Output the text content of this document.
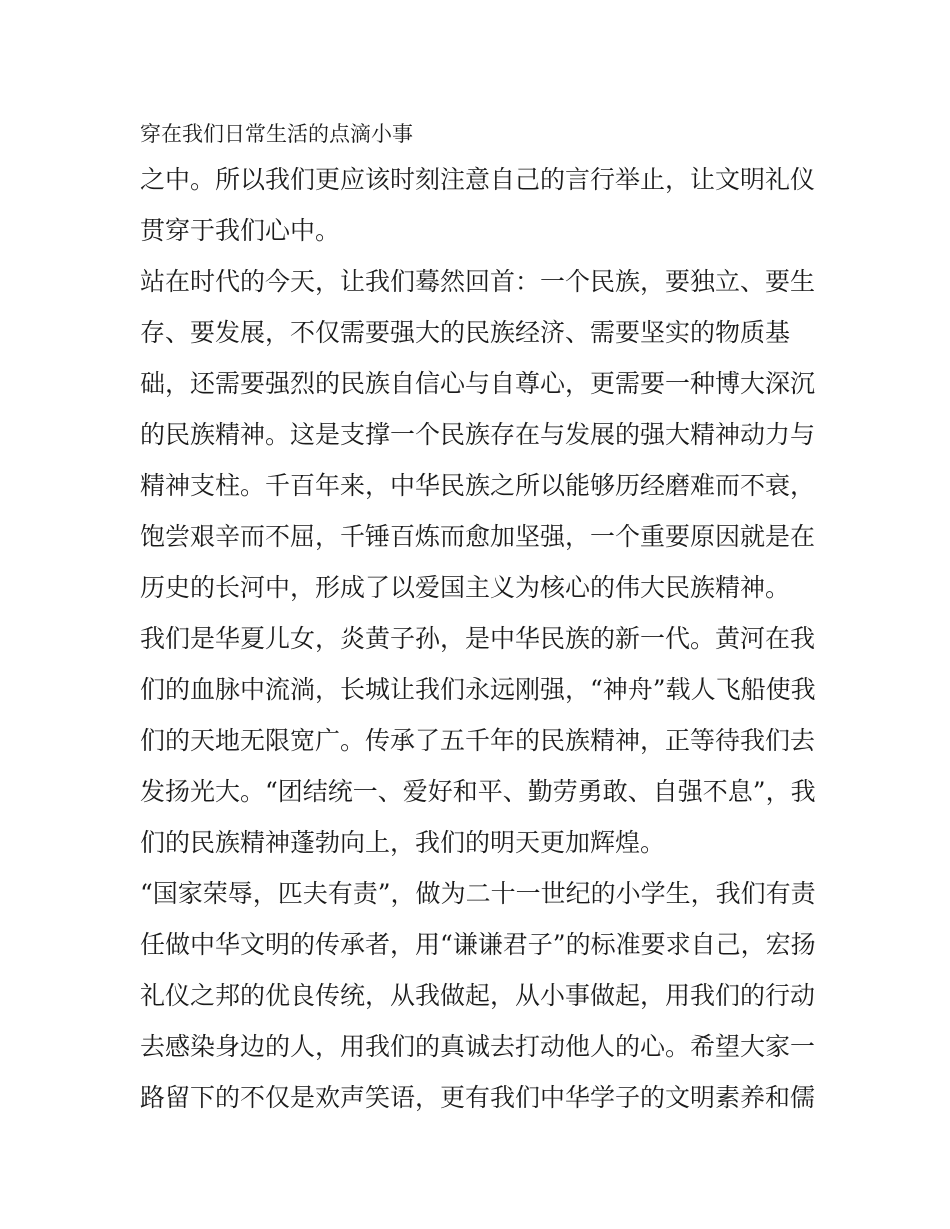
穿在我们日常生活的点滴小事
之中。所以我们更应该时刻注意自己的言行举止，让文明礼仪
贯穿于我们心中。
站在时代的今天，让我们蓦然回首：一个民族，要独立、要生
存、要发展，不仅需要强大的民族经济、需要坚实的物质基
础，还需要强烈的民族自信心与自尊心，更需要一种博大深沉
的民族精神。这是支撑一个民族存在与发展的强大精神动力与
精神支柱。千百年来，中华民族之所以能够历经磨难而不衰，
饱尝艰辛而不屈，千锤百炼而愈加坚强，一个重要原因就是在
历史的长河中，形成了以爱国主义为核心的伟大民族精神。
我们是华夏儿女，炎黄子孙，是中华民族的新一代。黄河在我
们的血脉中流淌，长城让我们永远刚强，“神舟”载人飞船使我
们的天地无限宽广。传承了五千年的民族精神，正等待我们去
发扬光大。“团结统一、爱好和平、勤劳勇敢、自强不息”，我
们的民族精神蓬勃向上，我们的明天更加辉煌。
“国家荣辱，匹夫有责”，做为二十一世纪的小学生，我们有责
任做中华文明的传承者，用“谦谦君子”的标准要求自己，宏扬
礼仪之邦的优良传统，从我做起，从小事做起，用我们的行动
去感染身边的人，用我们的真诚去打动他人的心。希望大家一
路留下的不仅是欢声笑语，更有我们中华学子的文明素养和儒
